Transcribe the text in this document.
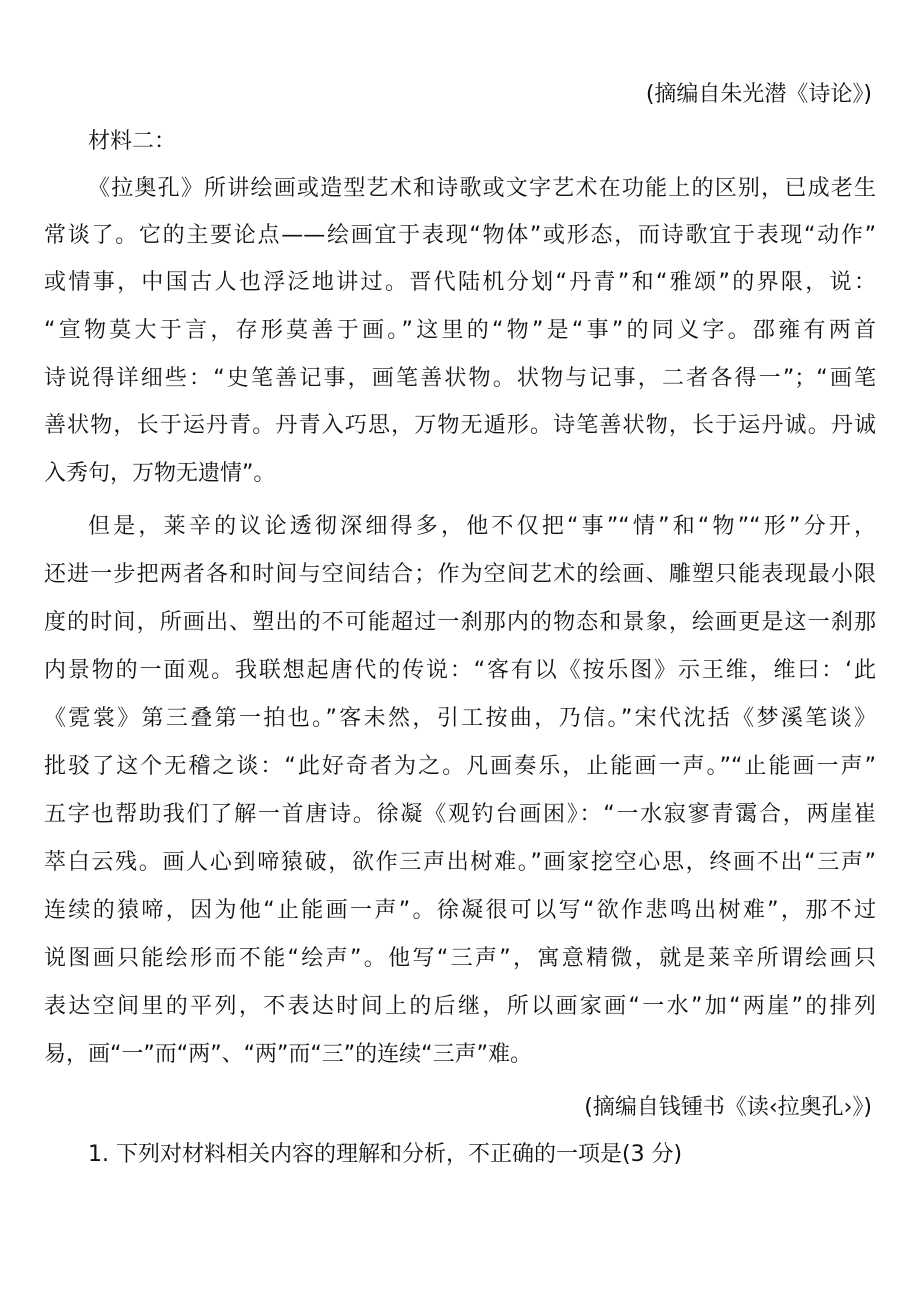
(摘编自朱光潜《诗论》)
材料二：
《拉奥孔》所讲绘画或造型艺术和诗歌或文字艺术在功能上的区别，已成老生
常谈了。它的主要论点——绘画宜于表现“物体”或形态，而诗歌宜于表现“动作”
或情事，中国古人也浮泛地讲过。晋代陆机分划“丹青”和“雅颂”的界限，说：
“宣物莫大于言，存形莫善于画。”这里的“物”是“事”的同义字。邵雍有两首
诗说得详细些：“史笔善记事，画笔善状物。状物与记事，二者各得一”；“画笔
善状物，长于运丹青。丹青入巧思，万物无遁形。诗笔善状物，长于运丹诚。丹诚
入秀句，万物无遗情”。
但是，莱辛的议论透彻深细得多，他不仅把“事”“情”和“物”“形”分开，
还进一步把两者各和时间与空间结合；作为空间艺术的绘画、雕塑只能表现最小限
度的时间，所画出、塑出的不可能超过一刹那内的物态和景象，绘画更是这一刹那
内景物的一面观。我联想起唐代的传说：“客有以《按乐图》示王维，维曰：‘此
《霓裳》第三叠第一拍也。”客未然，引工按曲，乃信。”宋代沈括《梦溪笔谈》
批驳了这个无稽之谈：“此好奇者为之。凡画奏乐，止能画一声。”“止能画一声”
五字也帮助我们了解一首唐诗。徐凝《观钓台画困》：“一水寂寥青霭合，两崖崔
萃白云残。画人心到啼猿破，欲作三声出树难。”画家挖空心思，终画不出“三声”
连续的猿啼，因为他“止能画一声”。徐凝很可以写“欲作悲鸣出树难”，那不过
说图画只能绘形而不能“绘声”。他写“三声”，寓意精微，就是莱辛所谓绘画只
表达空间里的平列，不表达时间上的后继，所以画家画“一水”加“两崖”的排列
易，画“一”而“两”、“两”而“三”的连续“三声”难。
(摘编自钱锺书《读‹拉奥孔›》)
1. 下列对材料相关内容的理解和分析，不正确的一项是(3 分)
